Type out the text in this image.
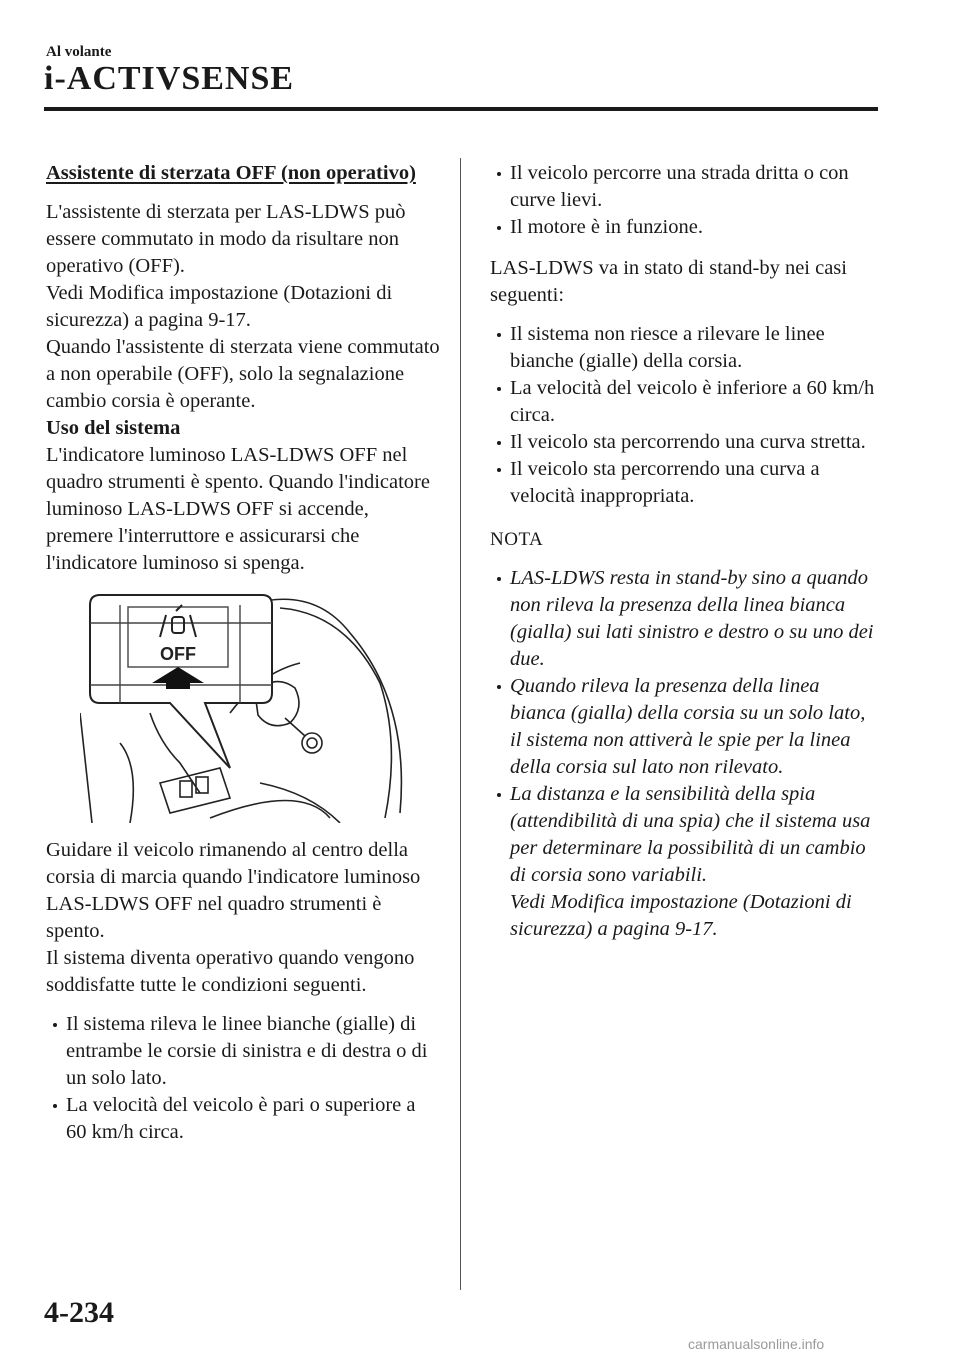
Al volante
i-ACTIVSENSE
Assistente di sterzata OFF (non operativo)

L'assistente di sterzata per LAS-LDWS può essere commutato in modo da risultare non operativo (OFF).

Vedi Modifica impostazione (Dotazioni di sicurezza) a pagina 9-17.

Quando l'assistente di sterzata viene commutato a non operabile (OFF), solo la segnalazione cambio corsia è operante.

Uso del sistema

L'indicatore luminoso LAS-LDWS OFF nel quadro strumenti è spento. Quando l'indicatore luminoso LAS-LDWS OFF si accende, premere l'interruttore e assicurarsi che l'indicatore luminoso si spenga.

OFF

Guidare il veicolo rimanendo al centro della corsia di marcia quando l'indicatore luminoso LAS-LDWS OFF nel quadro strumenti è spento.

Il sistema diventa operativo quando vengono soddisfatte tutte le condizioni seguenti.

Il sistema rileva le linee bianche (gialle) di entrambe le corsie di sinistra e di destra o di un solo lato.
La velocità del veicolo è pari o superiore a 60 km/h circa.
Il veicolo percorre una strada dritta o con curve lievi.
Il motore è in funzione.

LAS-LDWS va in stato di stand-by nei casi seguenti:

Il sistema non riesce a rilevare le linee bianche (gialle) della corsia.
La velocità del veicolo è inferiore a 60 km/h circa.
Il veicolo sta percorrendo una curva stretta.
Il veicolo sta percorrendo una curva a velocità inappropriata.
NOTA
LAS-LDWS resta in stand-by sino a quando non rileva la presenza della linea bianca (gialla) sui lati sinistro e destro o su uno dei due.
Quando rileva la presenza della linea bianca (gialla) della corsia su un solo lato, il sistema non attiverà le spie per la linea della corsia sul lato non rilevato.
La distanza e la sensibilità della spia (attendibilità di una spia) che il sistema usa per determinare la possibilità di un cambio di corsia sono variabili.
Vedi Modifica impostazione (Dotazioni di sicurezza) a pagina 9-17.
4-234
carmanualsonline.info
